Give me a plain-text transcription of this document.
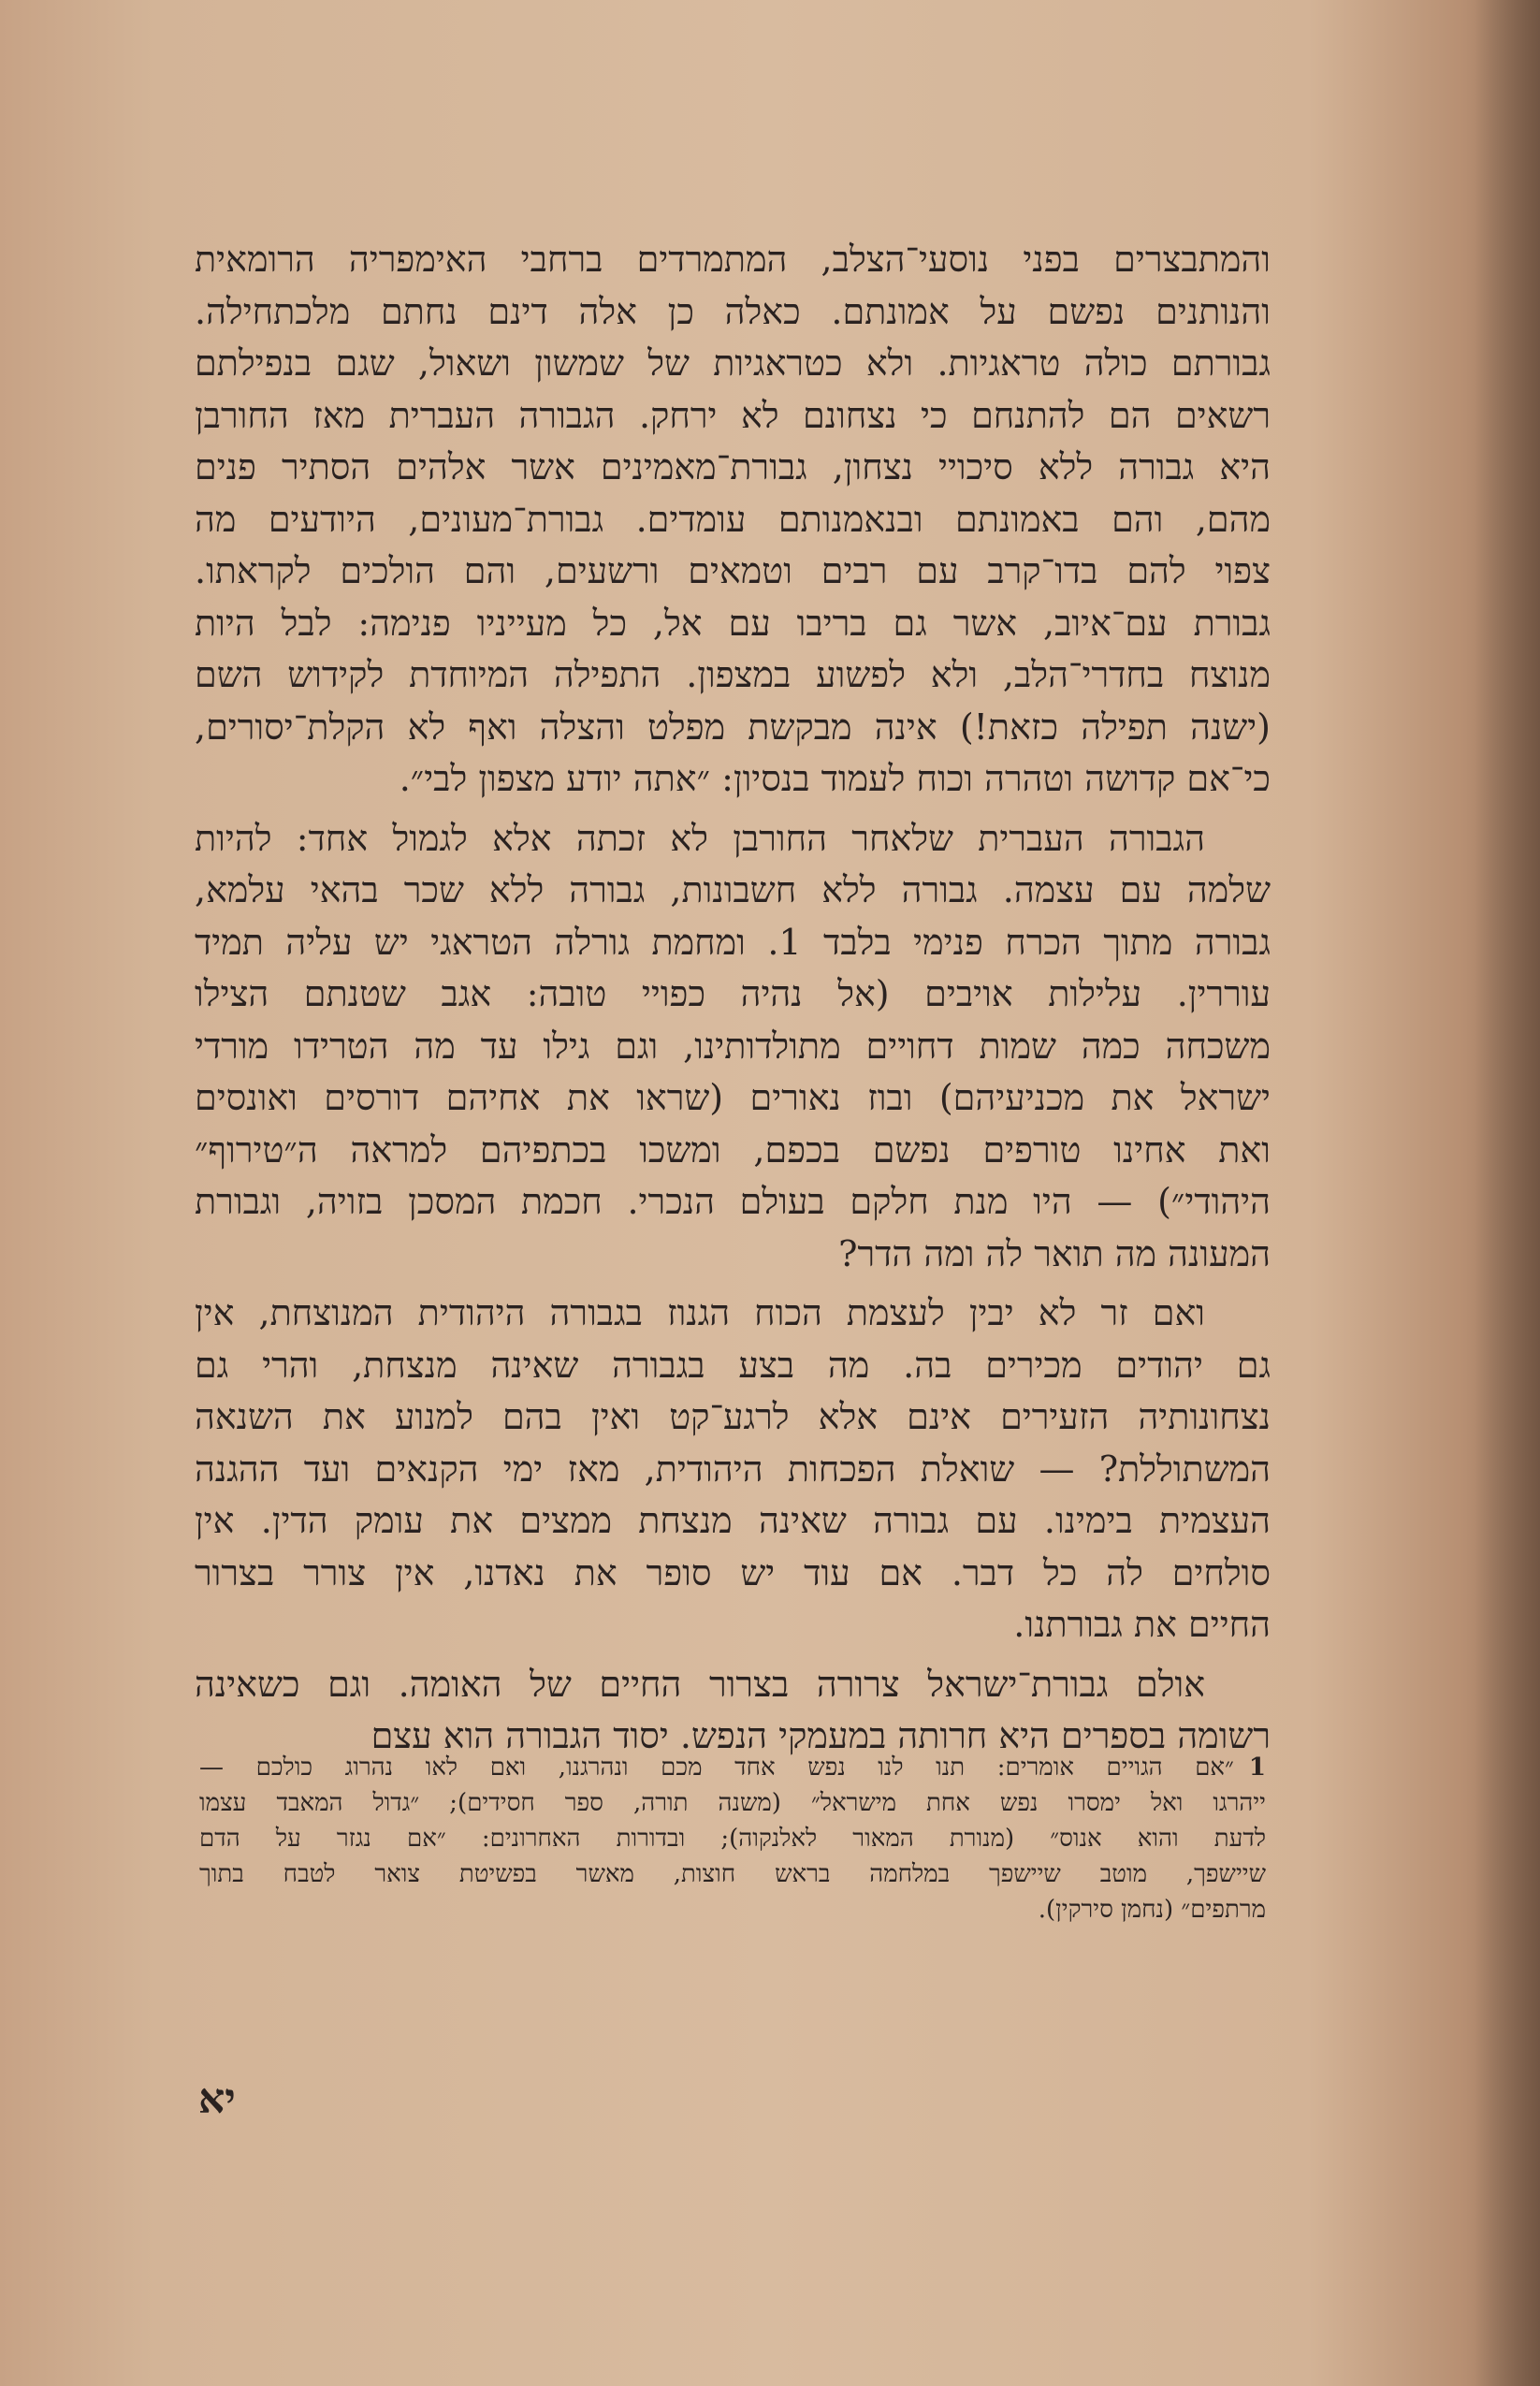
והמתבצרים בפני נוסעי־הצלב, המתמרדים ברחבי האימפריה הרומאית
והנותנים נפשם על אמונתם. כאלה כן אלה דינם נחתם מלכתחילה.
גבורתם כולה טראגיות. ולא כטראגיות של שמשון ושאול, שגם בנפילתם
רשאים הם להתנחם כי נצחונם לא ירחק. הגבורה העברית מאז החורבן
היא גבורה ללא סיכויי נצחון, גבורת־מאמינים אשר אלהים הסתיר פנים
מהם, והם באמונתם ובנאמנותם עומדים. גבורת־מעונים, היודעים מה
צפוי להם בדו־קרב עם רבים וטמאים ורשעים, והם הולכים לקראתו.
גבורת עם־איוב, אשר גם בריבו עם אל, כל מעייניו פנימה: לבל היות
מנוצח בחדרי־הלב, ולא לפשוע במצפון. התפילה המיוחדת לקידוש השם
(ישנה תפילה כזאת!) אינה מבקשת מפלט והצלה ואף לא הקלת־יסורים,
כי־אם קדושה וטהרה וכוח לעמוד בנסיון: ״אתה יודע מצפון לבי״.
הגבורה העברית שלאחר החורבן לא זכתה אלא לגמול אחד: להיות
שלמה עם עצמה. גבורה ללא חשבונות, גבורה ללא שכר בהאי עלמא,
גבורה מתוך הכרח פנימי בלבד 1. ומחמת גורלה הטראגי יש עליה תמיד
עוררין. עלילות אויבים (אל נהיה כפויי טובה: אגב שטנתם הצילו
משכחה כמה שמות דחויים מתולדותינו, וגם גילו עד מה הטרידו מורדי
ישראל את מכניעיהם) ובוז נאורים (שראו את אחיהם דורסים ואונסים
ואת אחינו טורפים נפשם בכפם, ומשכו בכתפיהם למראה ה״טירוף״
היהודי״) — היו מנת חלקם בעולם הנכרי. חכמת המסכן בזויה, וגבורת
המעונה מה תואר לה ומה הדר?
ואם זר לא יבין לעצמת הכוח הגנוז בגבורה היהודית המנוצחת, אין
גם יהודים מכירים בה. מה בצע בגבורה שאינה מנצחת, והרי גם
נצחונותיה הזעירים אינם אלא לרגע־קט ואין בהם למנוע את השנאה
המשתוללת? — שואלת הפכחות היהודית, מאז ימי הקנאים ועד ההגנה
העצמית בימינו. עם גבורה שאינה מנצחת ממצים את עומק הדין. אין
סולחים לה כל דבר. אם עוד יש סופר את נאדנו, אין צורר בצרור
החיים את גבורתנו.
אולם גבורת־ישראל צרורה בצרור החיים של האומה. וגם כשאינה
רשומה בספרים היא חרותה במעמקי הנפש. יסוד הגבורה הוא עצם
1״אם הגויים אומרים: תנו לנו נפש אחד מכם ונהרגנו, ואם לאו נהרוג כולכם —
ייהרגו ואל ימסרו נפש אחת מישראל״ (משנה תורה, ספר חסידים); ״גדול המאבד עצמו
לדעת והוא אנוס״ (מנורת המאור לאלנקוה); ובדורות האחרונים: ״אם נגזר על הדם
שיישפך, מוטב שיישפך במלחמה בראש חוצות, מאשר בפשיטת צואר לטבח בתוך
מרתפים״ (נחמן סירקין).
יא
